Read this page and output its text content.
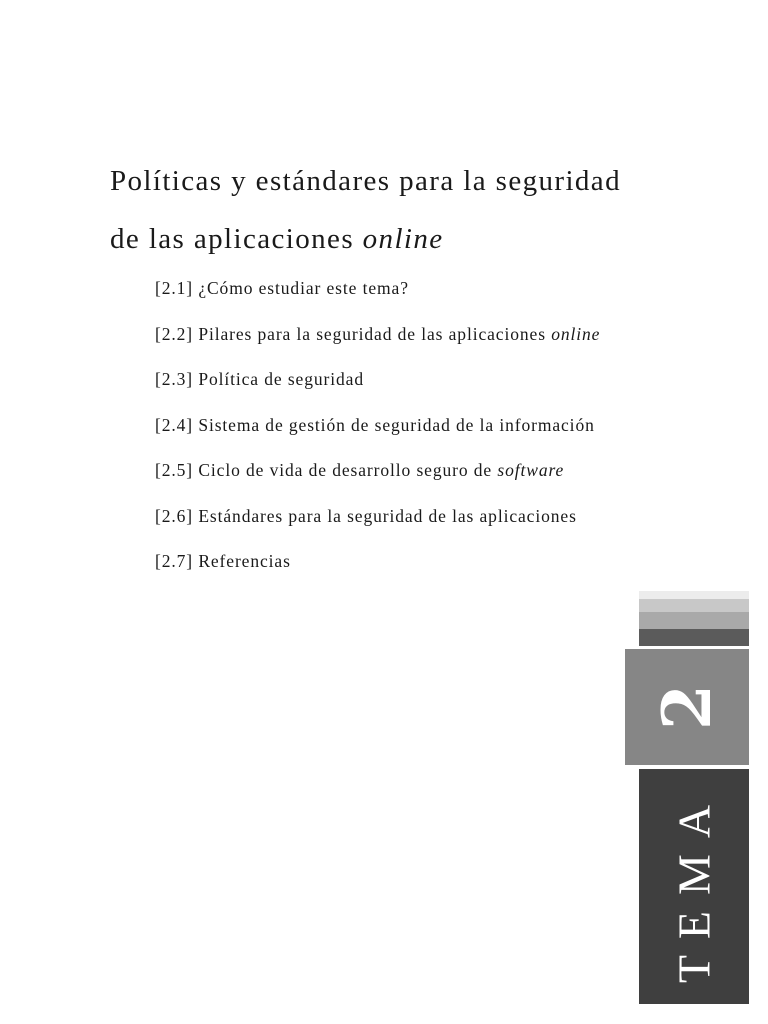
Políticas y estándares para la seguridad
de las aplicaciones online
[2.1] ¿Cómo estudiar este tema?
[2.2] Pilares para la seguridad de las aplicaciones online
[2.3] Política de seguridad
[2.4] Sistema de gestión de seguridad de la información
[2.5] Ciclo de vida de desarrollo seguro de software
[2.6] Estándares para la seguridad de las aplicaciones
[2.7] Referencias
2
TEMA
